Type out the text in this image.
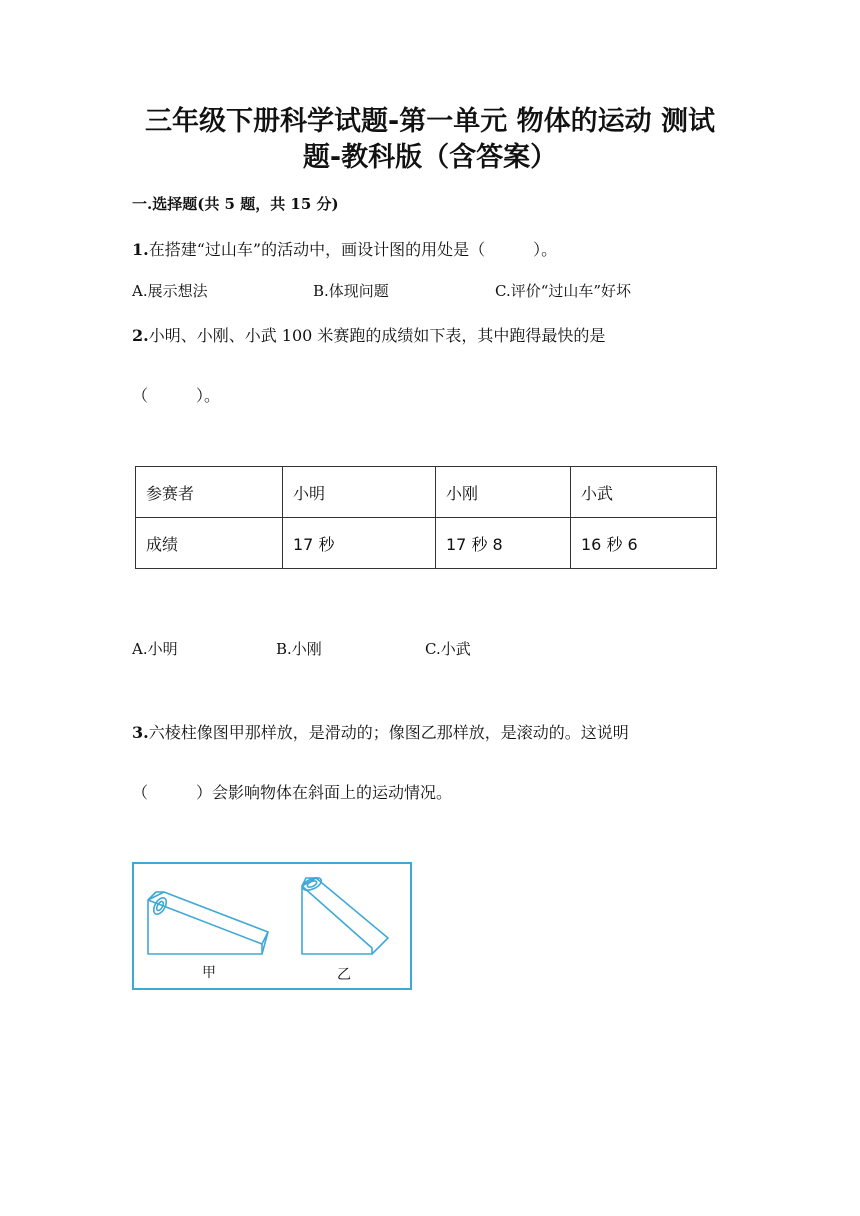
三年级下册科学试题-第一单元 物体的运动 测试
题-教科版（含答案）
一.选择题(共 5 题，共 15 分)
1.在搭建“过山车”的活动中，画设计图的用处是（　　　）。
A.展示想法	B.体现问题	C.评价“过山车”好坏
2.小明、小刚、小武 100 米赛跑的成绩如下表，其中跑得最快的是
（　　　）。
参赛者	小明	小刚	小武
成绩	17 秒	17 秒 8	16 秒 6
A.小明	B.小刚	C.小武
3.六棱柱像图甲那样放，是滑动的；像图乙那样放，是滚动的。这说明
（　　　）会影响物体在斜面上的运动情况。
甲	乙
